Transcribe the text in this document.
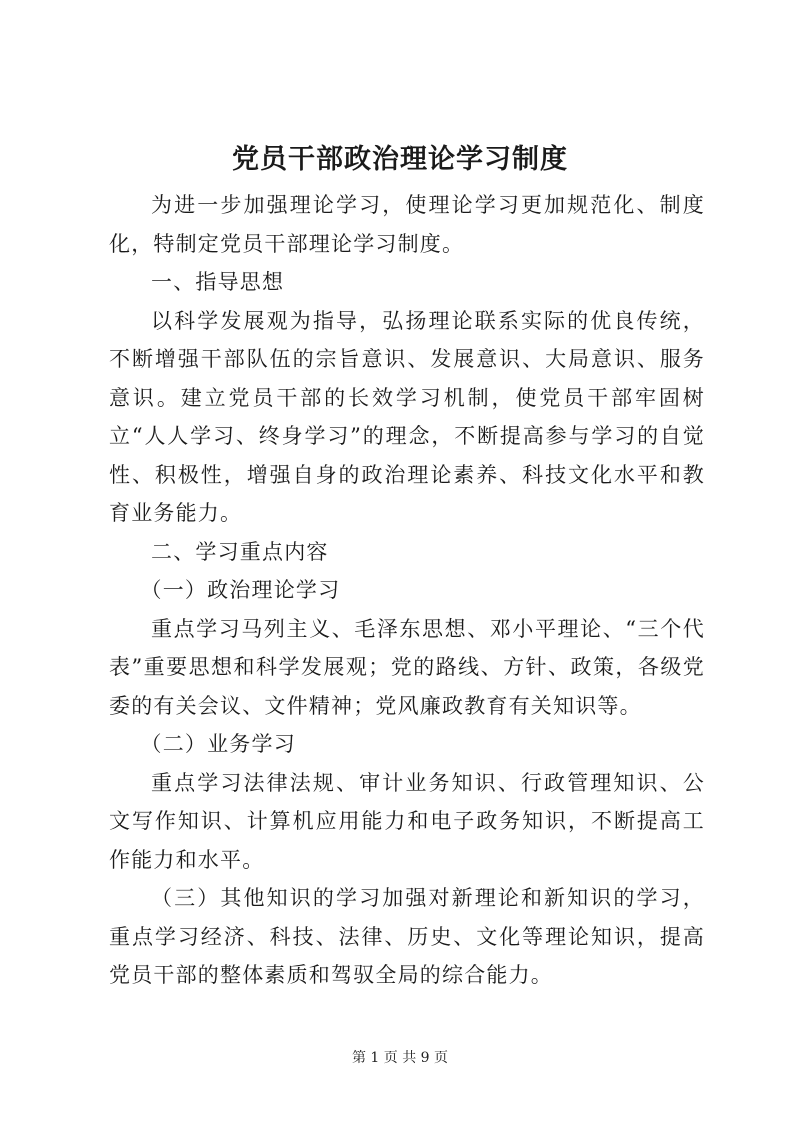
党员干部政治理论学习制度

为进一步加强理论学习，使理论学习更加规范化、制度化，特制定党员干部理论学习制度。

一、指导思想

以科学发展观为指导，弘扬理论联系实际的优良传统，不断增强干部队伍的宗旨意识、发展意识、大局意识、服务意识。建立党员干部的长效学习机制，使党员干部牢固树立“人人学习、终身学习”的理念，不断提高参与学习的自觉性、积极性，增强自身的政治理论素养、科技文化水平和教育业务能力。

二、学习重点内容

（一）政治理论学习

重点学习马列主义、毛泽东思想、邓小平理论、“三个代表”重要思想和科学发展观；党的路线、方针、政策，各级党委的有关会议、文件精神；党风廉政教育有关知识等。

（二）业务学习

重点学习法律法规、审计业务知识、行政管理知识、公文写作知识、计算机应用能力和电子政务知识，不断提高工作能力和水平。

（三）其他知识的学习加强对新理论和新知识的学习，重点学习经济、科技、法律、历史、文化等理论知识，提高党员干部的整体素质和驾驭全局的综合能力。

第 1 页 共 9 页
